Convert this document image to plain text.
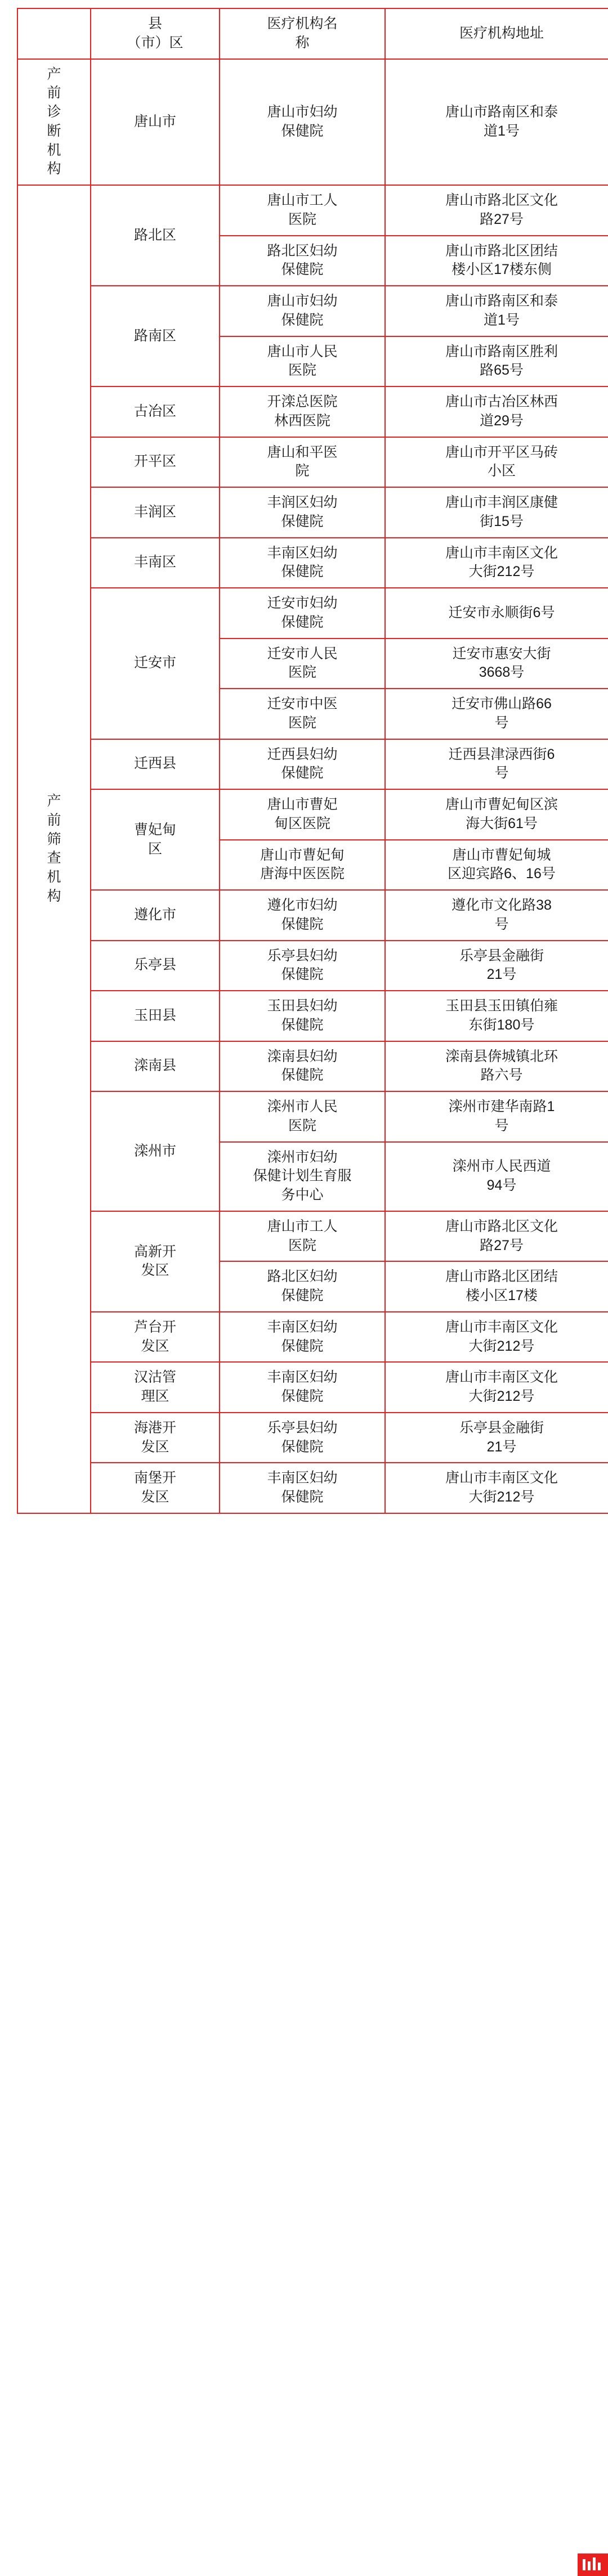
	县
（市）区	医疗机构名
称	医疗机构地址
产
前
诊
断
机
构	唐山市	唐山市妇幼
保健院	唐山市路南区和泰
道1号
产
前
筛
查
机
构	路北区	唐山市工人
医院	唐山市路北区文化
路27号
		路北区妇幼
保健院	唐山市路北区团结
楼小区17楼东侧
	路南区	唐山市妇幼
保健院	唐山市路南区和泰
道1号
		唐山市人民
医院	唐山市路南区胜利
路65号
	古冶区	开滦总医院
林西医院	唐山市古冶区林西
道29号
	开平区	唐山和平医
院	唐山市开平区马砖
小区
	丰润区	丰润区妇幼
保健院	唐山市丰润区康健
街15号
	丰南区	丰南区妇幼
保健院	唐山市丰南区文化
大街212号
	迁安市	迁安市妇幼
保健院	迁安市永顺街6号
		迁安市人民
医院	迁安市惠安大街
3668号
		迁安市中医
医院	迁安市佛山路66
号
	迁西县	迁西县妇幼
保健院	迁西县津渌西街6
号
	曹妃甸
区	唐山市曹妃
甸区医院	唐山市曹妃甸区滨
海大街61号
		唐山市曹妃甸
唐海中医医院	唐山市曹妃甸城
区迎宾路6、16号
	遵化市	遵化市妇幼
保健院	遵化市文化路38
号
	乐亭县	乐亭县妇幼
保健院	乐亭县金融街
21号
	玉田县	玉田县妇幼
保健院	玉田县玉田镇伯雍
东街180号
	滦南县	滦南县妇幼
保健院	滦南县倴城镇北环
路六号
	滦州市	滦州市人民
医院	滦州市建华南路1
号
		滦州市妇幼
保健计划生育服
务中心	滦州市人民西道
94号
	高新开
发区	唐山市工人
医院	唐山市路北区文化
路27号
		路北区妇幼
保健院	唐山市路北区团结
楼小区17楼
	芦台开
发区	丰南区妇幼
保健院	唐山市丰南区文化
大街212号
	汉沽管
理区	丰南区妇幼
保健院	唐山市丰南区文化
大街212号
	海港开
发区	乐亭县妇幼
保健院	乐亭县金融街
21号
	南堡开
发区	丰南区妇幼
保健院	唐山市丰南区文化
大街212号
